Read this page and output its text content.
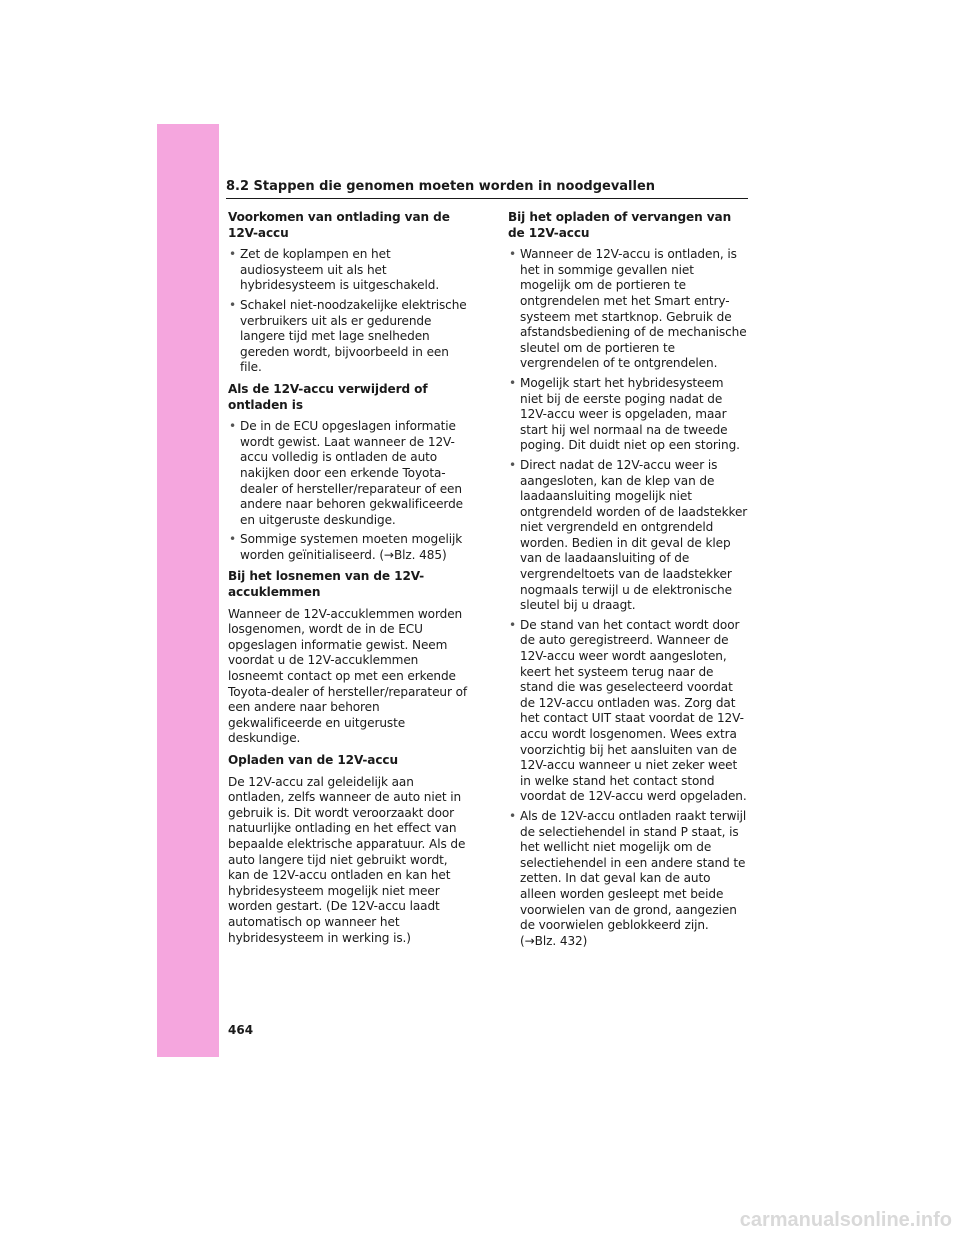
8.2 Stappen die genomen moeten worden in noodgevallen
Voorkomen van ontlading van de 12V-accu
• Zet de koplampen en het audiosysteem uit als het hybridesysteem is uitgeschakeld.
• Schakel niet-noodzakelijke elektrische verbruikers uit als er gedurende langere tijd met lage snelheden gereden wordt, bijvoorbeeld in een file.
Als de 12V-accu verwijderd of ontladen is
• De in de ECU opgeslagen informatie wordt gewist. Laat wanneer de 12V-accu volledig is ontladen de auto nakijken door een erkende Toyota-dealer of hersteller/reparateur of een andere naar behoren gekwalificeerde en uitgeruste deskundige.
• Sommige systemen moeten mogelijk worden geïnitialiseerd. (→Blz. 485)
Bij het losnemen van de 12V-accuklemmen

Wanneer de 12V-accuklemmen worden losgenomen, wordt de in de ECU opgeslagen informatie gewist. Neem voordat u de 12V-accuklemmen losneemt contact op met een erkende Toyota-dealer of hersteller/reparateur of een andere naar behoren gekwalificeerde en uitgeruste deskundige.

Opladen van de 12V-accu

De 12V-accu zal geleidelijk aan ontladen, zelfs wanneer de auto niet in gebruik is. Dit wordt veroorzaakt door natuurlijke ontlading en het effect van bepaalde elektrische apparatuur. Als de auto langere tijd niet gebruikt wordt, kan de 12V-accu ontladen en kan het hybridesysteem mogelijk niet meer worden gestart. (De 12V-accu laadt automatisch op wanneer het hybridesysteem in werking is.)

Bij het opladen of vervangen van de 12V-accu
• Wanneer de 12V-accu is ontladen, is het in sommige gevallen niet mogelijk om de portieren te ontgrendelen met het Smart entry-systeem met startknop. Gebruik de afstandsbediening of de mechanische sleutel om de portieren te vergrendelen of te ontgrendelen.
• Mogelijk start het hybridesysteem niet bij de eerste poging nadat de 12V-accu weer is opgeladen, maar start hij wel normaal na de tweede poging. Dit duidt niet op een storing.
• Direct nadat de 12V-accu weer is aangesloten, kan de klep van de laadaansluiting mogelijk niet ontgrendeld worden of de laadstekker niet vergrendeld en ontgrendeld worden. Bedien in dit geval de klep van de laadaansluiting of de vergrendeltoets van de laadstekker nogmaals terwijl u de elektronische sleutel bij u draagt.
• De stand van het contact wordt door de auto geregistreerd. Wanneer de 12V-accu weer wordt aangesloten, keert het systeem terug naar de stand die was geselecteerd voordat de 12V-accu ontladen was. Zorg dat het contact UIT staat voordat de 12V-accu wordt losgenomen. Wees extra voorzichtig bij het aansluiten van de 12V-accu wanneer u niet zeker weet in welke stand het contact stond voordat de 12V-accu werd opgeladen.
• Als de 12V-accu ontladen raakt terwijl de selectiehendel in stand P staat, is het wellicht niet mogelijk om de selectiehendel in een andere stand te zetten. In dat geval kan de auto alleen worden gesleept met beide voorwielen van de grond, aangezien de voorwielen geblokkeerd zijn. (→Blz. 432)
464
carmanualsonline.info
